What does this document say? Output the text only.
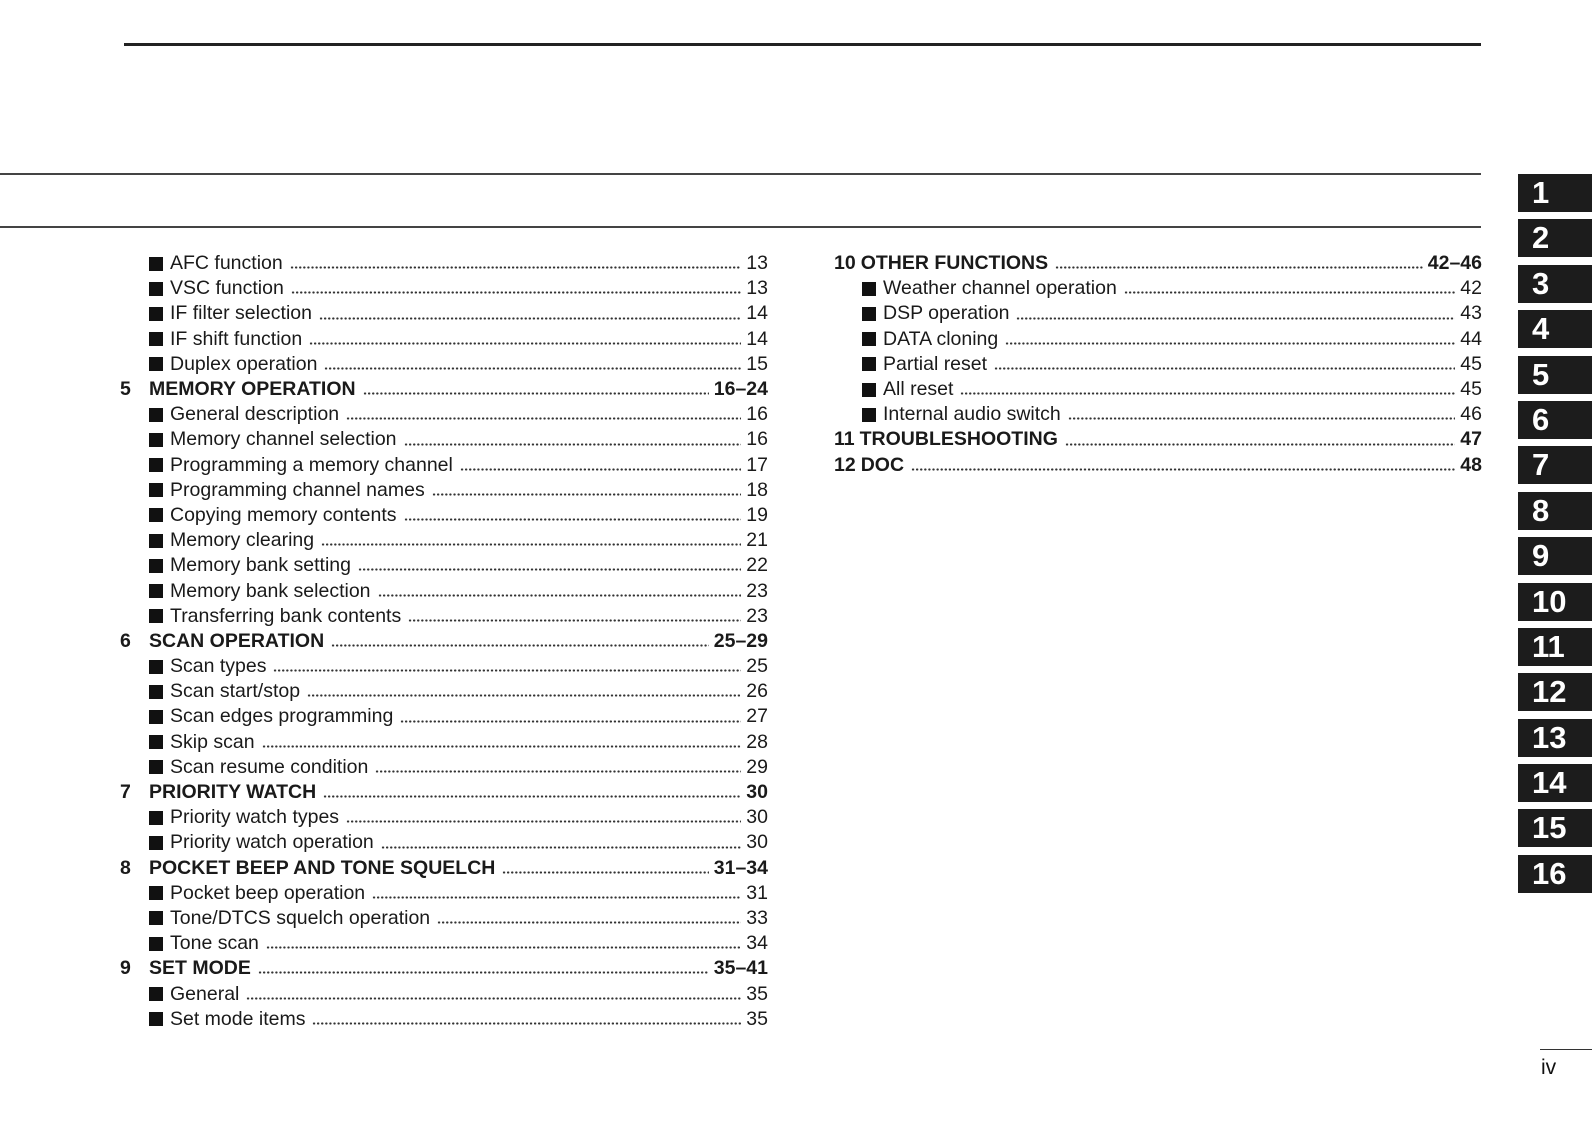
AFC function	13
VSC function	13
IF filter selection	14
IF shift function	14
Duplex operation	15
5 MEMORY OPERATION	16–24
General description	16
Memory channel selection	16
Programming a memory channel	17
Programming channel names	18
Copying memory contents	19
Memory clearing	21
Memory bank setting	22
Memory bank selection	23
Transferring bank contents	23
6 SCAN OPERATION	25–29
Scan types	25
Scan start/stop	26
Scan edges programming	27
Skip scan	28
Scan resume condition	29
7 PRIORITY WATCH	30
Priority watch types	30
Priority watch operation	30
8 POCKET BEEP AND TONE SQUELCH	31–34
Pocket beep operation	31
Tone/DTCS squelch operation	33
Tone scan	34
9 SET MODE	35–41
General	35
Set mode items	35
10 OTHER FUNCTIONS	42–46
Weather channel operation	42
DSP operation	43
DATA cloning	44
Partial reset	45
All reset	45
Internal audio switch	46
11 TROUBLESHOOTING	47
12 DOC	48
1
2
3
4
5
6
7
8
9
10
11
12
13
14
15
16
iv
